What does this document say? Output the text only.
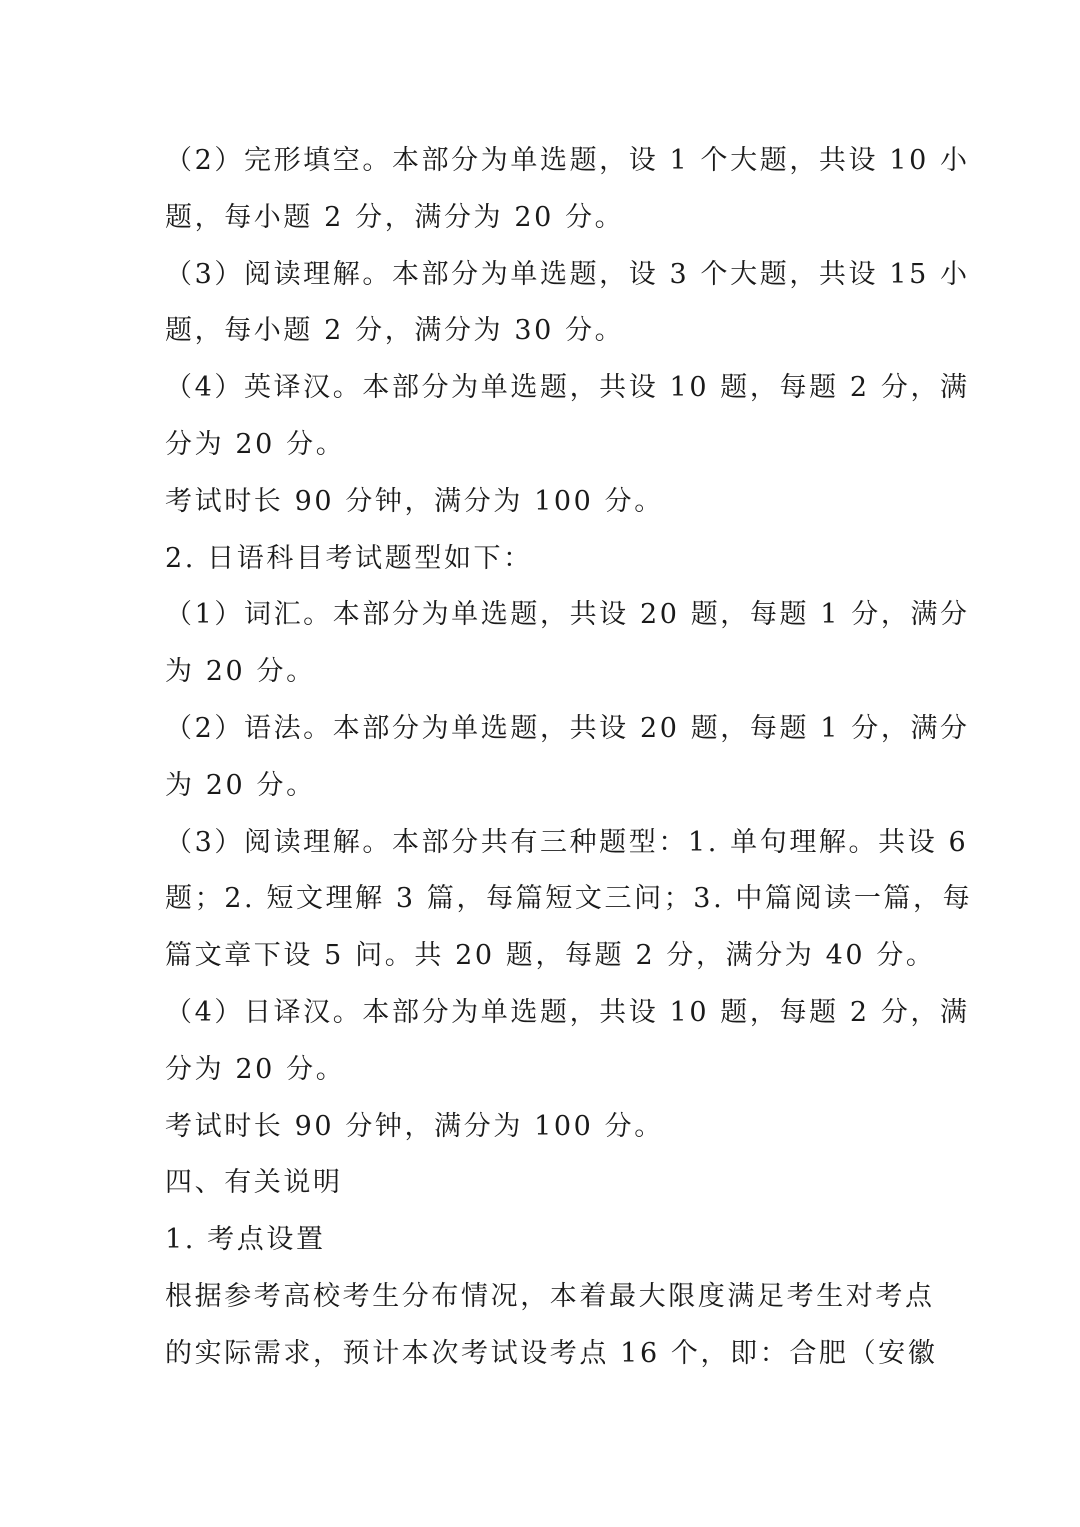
（2）完形填空。本部分为单选题，设 1 个大题，共设 10 小

题，每小题 2 分，满分为 20 分。

（3）阅读理解。本部分为单选题，设 3 个大题，共设 15 小

题，每小题 2 分，满分为 30 分。

（4）英译汉。本部分为单选题，共设 10 题，每题 2 分，满

分为 20 分。

考试时长 90 分钟，满分为 100 分。

2. 日语科目考试题型如下：

（1）词汇。本部分为单选题，共设 20 题，每题 1 分，满分

为 20 分。

（2）语法。本部分为单选题，共设 20 题，每题 1 分，满分

为 20 分。

（3）阅读理解。本部分共有三种题型：1. 单句理解。共设 6

题；2. 短文理解 3 篇，每篇短文三问；3. 中篇阅读一篇，每

篇文章下设 5 问。共 20 题，每题 2 分，满分为 40 分。

（4）日译汉。本部分为单选题，共设 10 题，每题 2 分，满

分为 20 分。

考试时长 90 分钟，满分为 100 分。

四、有关说明

1. 考点设置

根据参考高校考生分布情况，本着最大限度满足考生对考点

的实际需求，预计本次考试设考点 16 个，即：合肥（安徽
